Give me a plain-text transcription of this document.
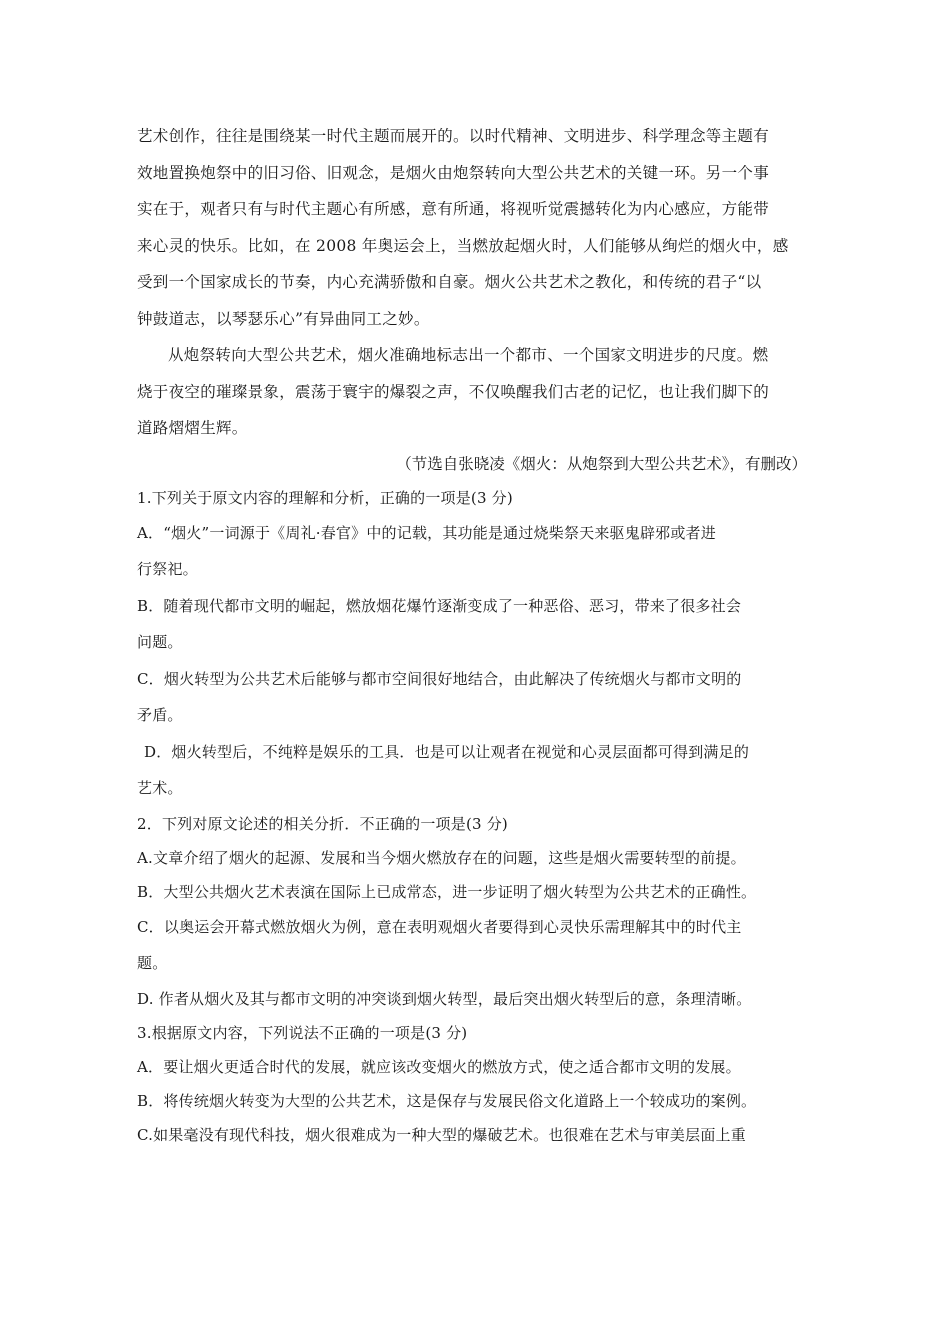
艺术创作，往往是围绕某一时代主题而展开的。以时代精神、文明进步、科学理念等主题有

效地置换炮祭中的旧习俗、旧观念，是烟火由炮祭转向大型公共艺术的关键一环。另一个事

实在于，观者只有与时代主题心有所感，意有所通，将视听觉震撼转化为内心感应，方能带

来心灵的快乐。比如，在 2008 年奥运会上，当燃放起烟火时，人们能够从绚烂的烟火中，感

受到一个国家成长的节奏，内心充满骄傲和自豪。烟火公共艺术之教化，和传统的君子“以

钟鼓道志，以琴瑟乐心”有异曲同工之妙。

从炮祭转向大型公共艺术，烟火准确地标志出一个都市、一个国家文明进步的尺度。燃

烧于夜空的璀璨景象，震荡于寰宇的爆裂之声，不仅唤醒我们古老的记忆，也让我们脚下的

道路熠熠生辉。

（节选自张晓凌《烟火：从炮祭到大型公共艺术》，有删改）

1.下列关于原文内容的理解和分析，正确的一项是(3 分)

A．“烟火”一词源于《周礼·春官》中的记载，其功能是通过烧柴祭天来驱鬼辟邪或者进

行祭祀。

B．随着现代都市文明的崛起，燃放烟花爆竹逐渐变成了一种恶俗、恶习，带来了很多社会

问题。

C．烟火转型为公共艺术后能够与都市空间很好地结合，由此解决了传统烟火与都市文明的

矛盾。

D．烟火转型后，不纯粹是娱乐的工具．也是可以让观者在视觉和心灵层面都可得到满足的

艺术。

2．下列对原文论述的相关分折．不正确的一项是(3 分)

A.文章介绍了烟火的起源、发展和当今烟火燃放存在的问题，这些是烟火需要转型的前提。

B．大型公共烟火艺术表演在国际上已成常态，进一步证明了烟火转型为公共艺术的正确性。

C．以奥运会开幕式燃放烟火为例，意在表明观烟火者要得到心灵快乐需理解其中的时代主

题。

D. 作者从烟火及其与都市文明的冲突谈到烟火转型，最后突出烟火转型后的意，条理清晰。

3.根据原文内容，下列说法不正确的一项是(3 分)

A．要让烟火更适合时代的发展，就应该改变烟火的燃放方式，使之适合都市文明的发展。

B．将传统烟火转变为大型的公共艺术，这是保存与发展民俗文化道路上一个较成功的案例。

C.如果毫没有现代科技，烟火很难成为一种大型的爆破艺术。也很难在艺术与审美层面上重
